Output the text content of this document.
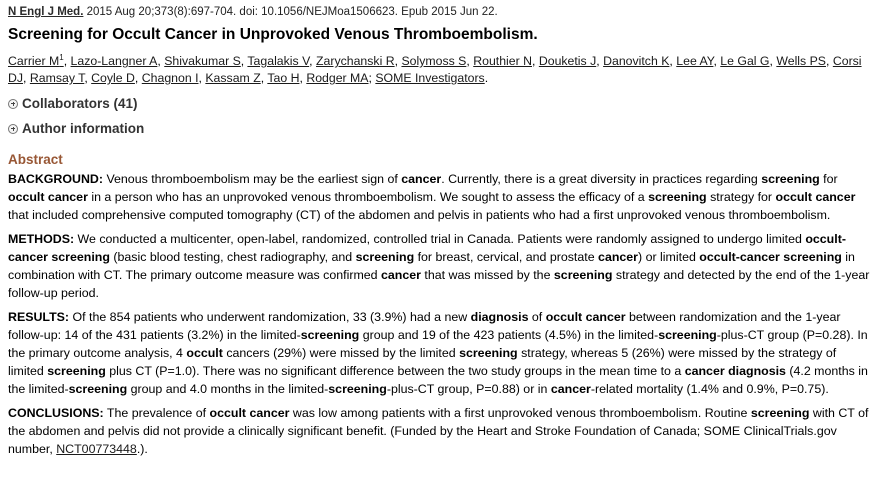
N Engl J Med. 2015 Aug 20;373(8):697-704. doi: 10.1056/NEJMoa1506623. Epub 2015 Jun 22.
Screening for Occult Cancer in Unprovoked Venous Thromboembolism.
Carrier $M^1$, Lazo-Langner A, Shivakumar S, Tagalakis V, Zarychanski R, Solymoss S, Routhier N, Douketis J, Danovitch K, Lee AY, Le Gal G, Wells PS, Corsi DJ, Ramsay T, Coyle D, Chagnon I, Kassam Z, Tao H, Rodger MA; SOME Investigators.
Collaborators (41)
Author information
Abstract
BACKGROUND: Venous thromboembolism may be the earliest sign of cancer. Currently, there is a great diversity in practices regarding screening for occult cancer in a person who has an unprovoked venous thromboembolism. We sought to assess the efficacy of a screening strategy for occult cancer that included comprehensive computed tomography (CT) of the abdomen and pelvis in patients who had a first unprovoked venous thromboembolism.
METHODS: We conducted a multicenter, open-label, randomized, controlled trial in Canada. Patients were randomly assigned to undergo limited occult-cancer screening (basic blood testing, chest radiography, and screening for breast, cervical, and prostate cancer) or limited occult-cancer screening in combination with CT. The primary outcome measure was confirmed cancer that was missed by the screening strategy and detected by the end of the 1-year follow-up period.
RESULTS: Of the 854 patients who underwent randomization, 33 (3.9%) had a new diagnosis of occult cancer between randomization and the 1-year follow-up: 14 of the 431 patients (3.2%) in the limited-screening group and 19 of the 423 patients (4.5%) in the limited-screening-plus-CT group (P=0.28). In the primary outcome analysis, 4 occult cancers (29%) were missed by the limited screening strategy, whereas 5 (26%) were missed by the strategy of limited screening plus CT (P=1.0). There was no significant difference between the two study groups in the mean time to a cancer diagnosis (4.2 months in the limited-screening group and 4.0 months in the limited-screening-plus-CT group, P=0.88) or in cancer-related mortality (1.4% and 0.9%, P=0.75).
CONCLUSIONS: The prevalence of occult cancer was low among patients with a first unprovoked venous thromboembolism. Routine screening with CT of the abdomen and pelvis did not provide a clinically significant benefit. (Funded by the Heart and Stroke Foundation of Canada; SOME ClinicalTrials.gov number, NCT00773448.).
